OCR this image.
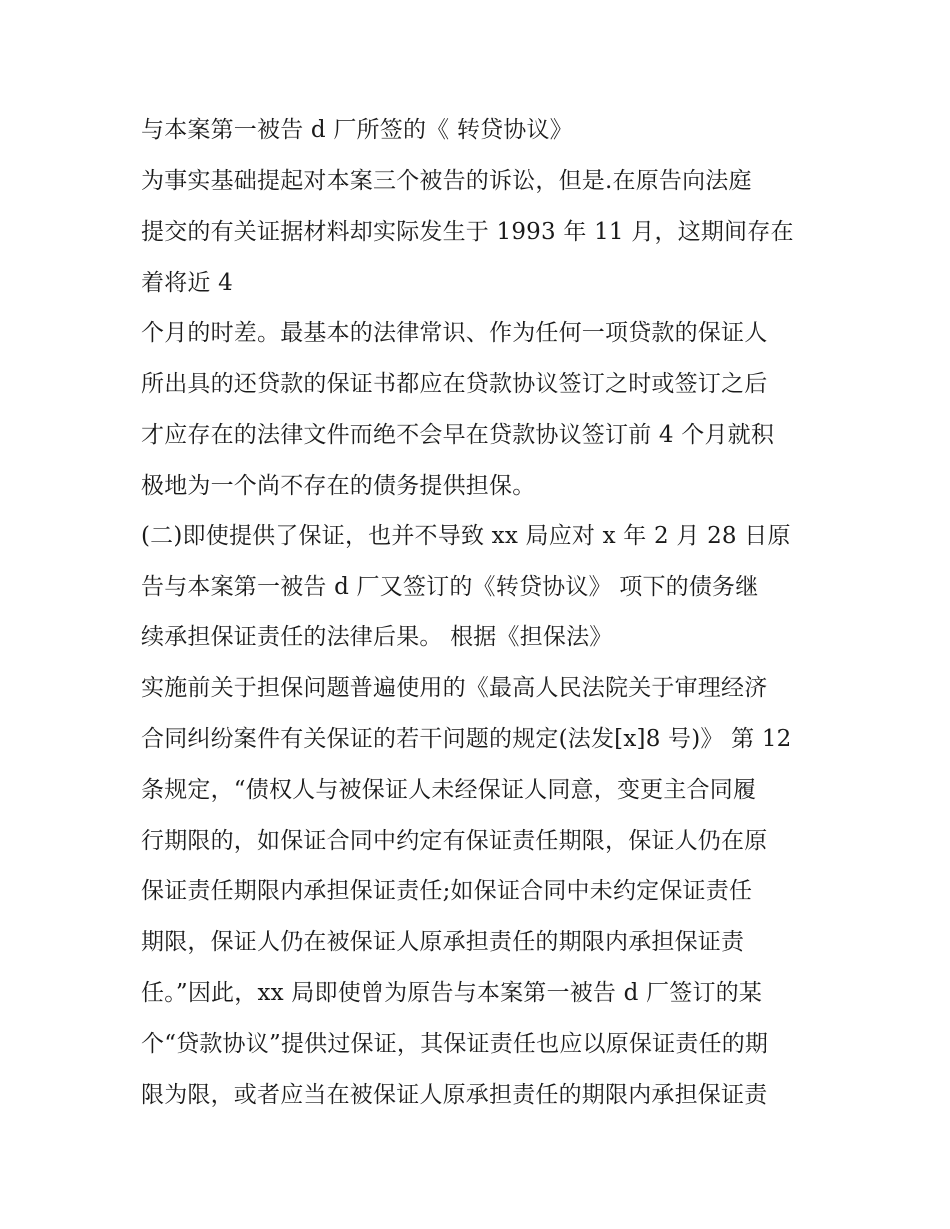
与本案第一被告 d 厂所签的《 转贷协议》
为事实基础提起对本案三个被告的诉讼，但是.在原告向法庭
提交的有关证据材料却实际发生于 1993 年 11 月，这期间存在
着将近 4
个月的时差。最基本的法律常识、作为任何一项贷款的保证人
所出具的还贷款的保证书都应在贷款协议签订之时或签订之后
才应存在的法律文件而绝不会早在贷款协议签订前 4 个月就积
极地为一个尚不存在的债务提供担保。
(二)即使提供了保证，也并不导致 xx 局应对 x 年 2 月 28 日原
告与本案第一被告 d 厂又签订的《转贷协议》 项下的债务继
续承担保证责任的法律后果。 根据《担保法》
实施前关于担保问题普遍使用的《最高人民法院关于审理经济
合同纠纷案件有关保证的若干问题的规定(法发[x]8 号)》 第 12
条规定，“债权人与被保证人未经保证人同意，变更主合同履
行期限的，如保证合同中约定有保证责任期限，保证人仍在原
保证责任期限内承担保证责任;如保证合同中未约定保证责任
期限，保证人仍在被保证人原承担责任的期限内承担保证责
任。”因此，xx 局即使曾为原告与本案第一被告 d 厂签订的某
个“贷款协议”提供过保证，其保证责任也应以原保证责任的期
限为限，或者应当在被保证人原承担责任的期限内承担保证责
